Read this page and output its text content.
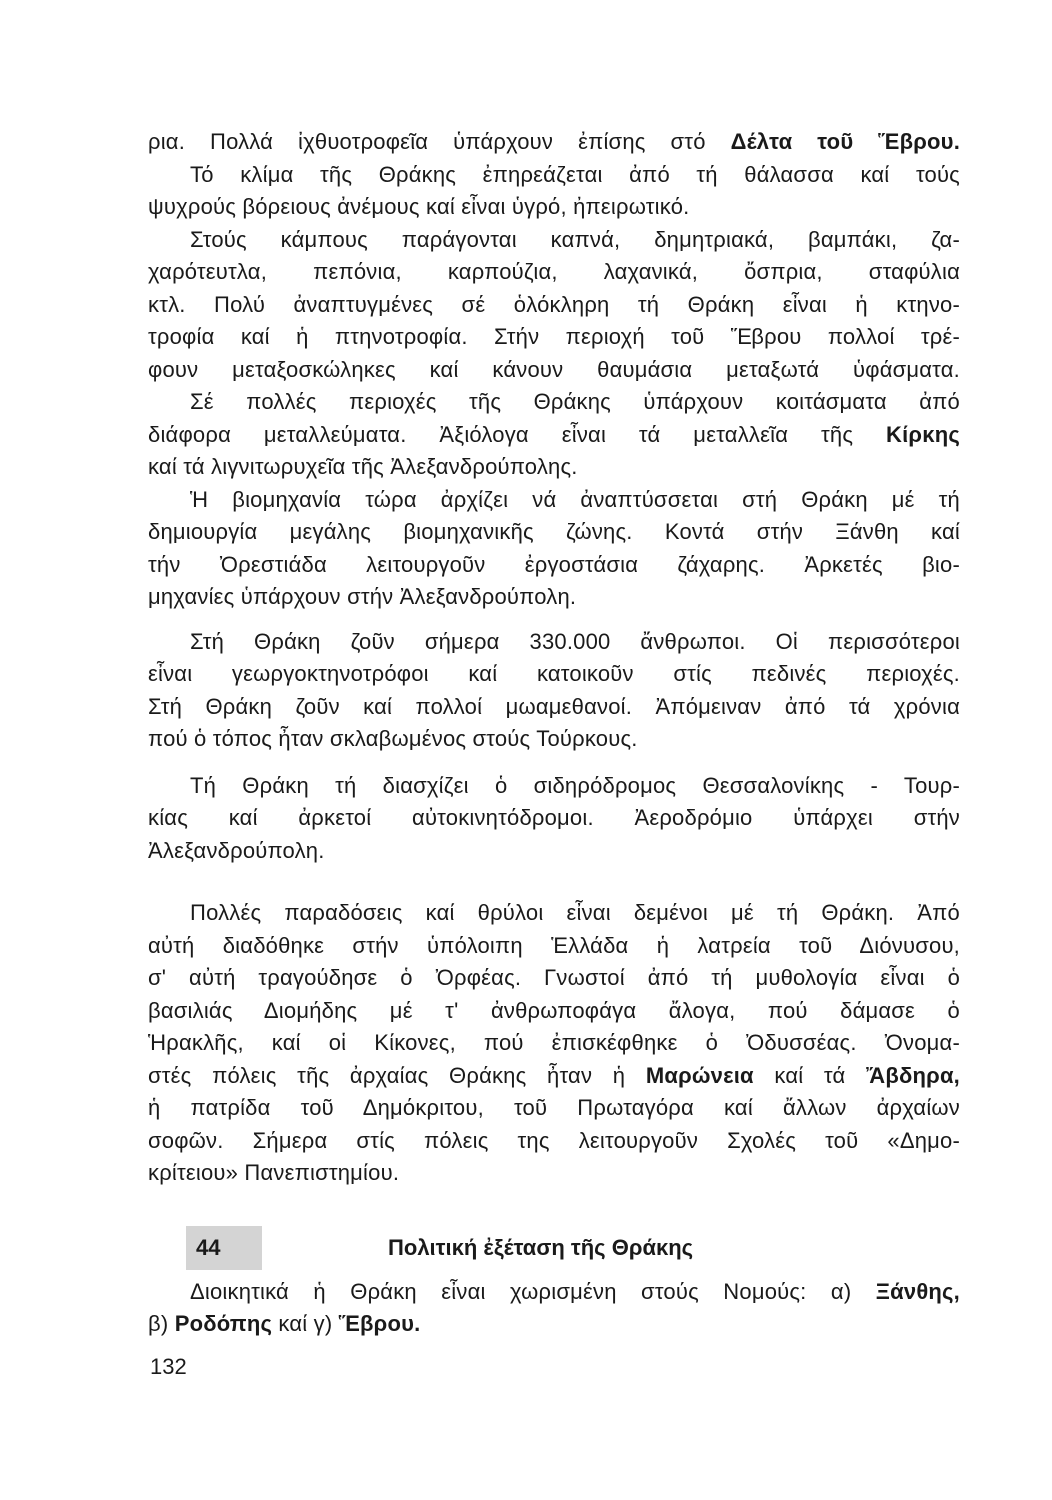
ρια. Πολλά ἰχθυοτροφεῖα ὑπάρχουν ἐπίσης στό Δέλτα τοῦ Ἕβρου.
Τό κλίμα τῆς Θράκης ἐπηρεάζεται ἀπό τή θάλασσα καί τούς
ψυχρούς βόρειους ἀνέμους καί εἶναι ὑγρό, ἠπειρωτικό.
Στούς κάμπους παράγονται καπνά, δημητριακά, βαμπάκι, ζα-
χαρότευτλα, πεπόνια, καρπούζια, λαχανικά, ὄσπρια, σταφύλια
κτλ. Πολύ ἀναπτυγμένες σέ ὁλόκληρη τή Θράκη εἶναι ἡ κτηνο-
τροφία καί ἡ πτηνοτροφία. Στήν περιοχή τοῦ Ἕβρου πολλοί τρέ-
φουν μεταξοσκώληκες καί κάνουν θαυμάσια μεταξωτά ὑφάσματα.
Σέ πολλές περιοχές τῆς Θράκης ὑπάρχουν κοιτάσματα ἀπό
διάφορα μεταλλεύματα. Ἀξιόλογα εἶναι τά μεταλλεῖα τῆς Κίρκης
καί τά λιγνιτωρυχεῖα τῆς Ἀλεξανδρούπολης.
Ἡ βιομηχανία τώρα ἀρχίζει νά ἀναπτύσσεται στή Θράκη μέ τή
δημιουργία μεγάλης βιομηχανικῆς ζώνης. Κοντά στήν Ξάνθη καί
τήν Ὀρεστιάδα λειτουργοῦν ἐργοστάσια ζάχαρης. Ἀρκετές βιο-
μηχανίες ὑπάρχουν στήν Ἀλεξανδρούπολη.
Στή Θράκη ζοῦν σήμερα 330.000 ἄνθρωποι. Οἱ περισσότεροι
εἶναι γεωργοκτηνοτρόφοι καί κατοικοῦν στίς πεδινές περιοχές.
Στή Θράκη ζοῦν καί πολλοί μωαμεθανοί. Ἀπόμειναν ἀπό τά χρόνια
πού ὁ τόπος ἦταν σκλαβωμένος στούς Τούρκους.
Τή Θράκη τή διασχίζει ὁ σιδηρόδρομος Θεσσαλονίκης - Τουρ-
κίας καί ἀρκετοί αὐτοκινητόδρομοι. Ἀεροδρόμιο ὑπάρχει στήν
Ἀλεξανδρούπολη.
Πολλές παραδόσεις καί θρύλοι εἶναι δεμένοι μέ τή Θράκη. Ἀπό
αὐτή διαδόθηκε στήν ὑπόλοιπη Ἑλλάδα ἡ λατρεία τοῦ Διόνυσου,
σ' αὐτή τραγούδησε ὁ Ὀρφέας. Γνωστοί ἀπό τή μυθολογία εἶναι ὁ
βασιλιάς Διομήδης μέ τ' ἀνθρωποφάγα ἄλογα, πού δάμασε ὁ
Ἡρακλῆς, καί οἱ Κίκονες, πού ἐπισκέφθηκε ὁ Ὀδυσσέας. Ὀνομα-
στές πόλεις τῆς ἀρχαίας Θράκης ἦταν ἡ Μαρώνεια καί τά Ἄβδηρα,
ἡ πατρίδα τοῦ Δημόκριτου, τοῦ Πρωταγόρα καί ἄλλων ἀρχαίων
σοφῶν. Σήμερα στίς πόλεις της λειτουργοῦν Σχολές τοῦ «Δημο-
κρίτειου» Πανεπιστημίου.
44	Πολιτική ἐξέταση τῆς Θράκης
Διοικητικά ἡ Θράκη εἶναι χωρισμένη στούς Νομούς: α) Ξάνθης,
β) Ροδόπης καί γ) Ἕβρου.
132
